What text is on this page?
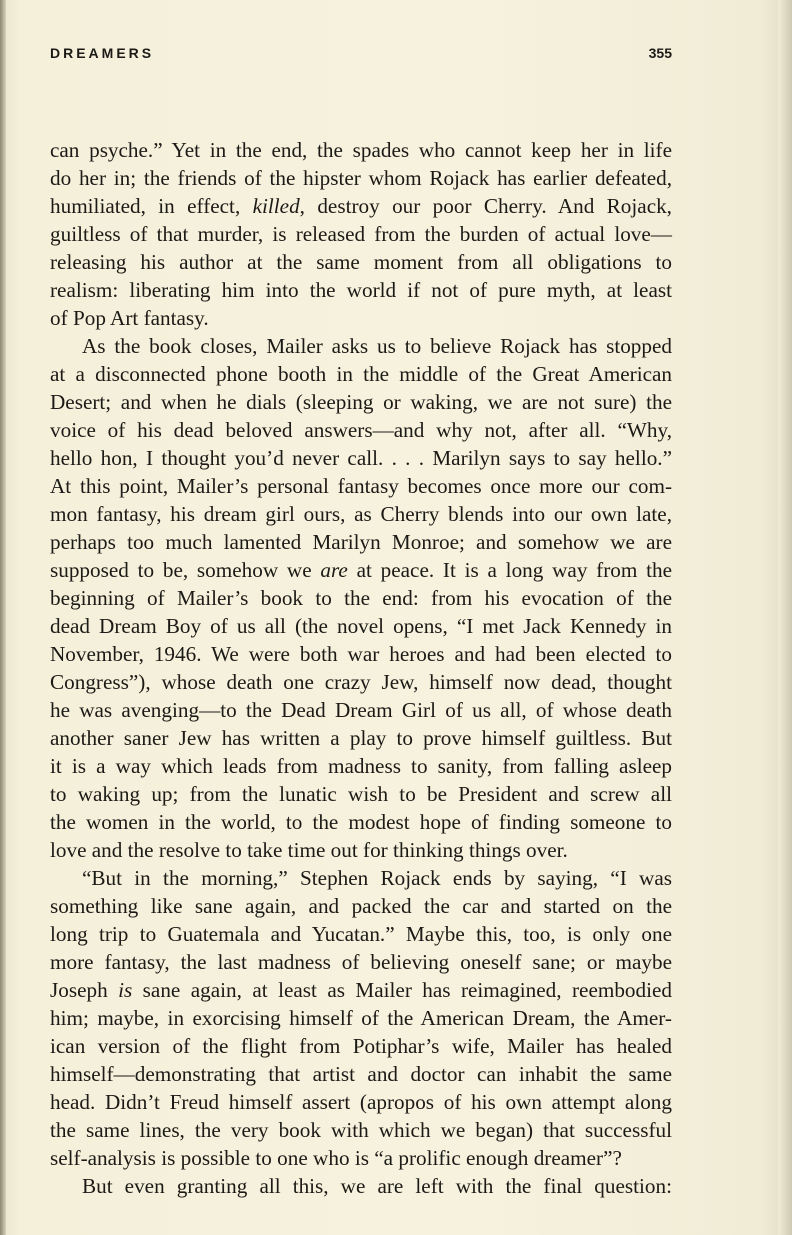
DREAMERS	355
can psyche.” Yet in the end, the spades who cannot keep her in life
do her in; the friends of the hipster whom Rojack has earlier defeated,
humiliated, in effect, killed, destroy our poor Cherry. And Rojack,
guiltless of that murder, is released from the burden of actual love—
releasing his author at the same moment from all obligations to
realism: liberating him into the world if not of pure myth, at least
of Pop Art fantasy.
As the book closes, Mailer asks us to believe Rojack has stopped
at a disconnected phone booth in the middle of the Great American
Desert; and when he dials (sleeping or waking, we are not sure) the
voice of his dead beloved answers—and why not, after all. “Why,
hello hon, I thought you’d never call. . . . Marilyn says to say hello.”
At this point, Mailer’s personal fantasy becomes once more our com-
mon fantasy, his dream girl ours, as Cherry blends into our own late,
perhaps too much lamented Marilyn Monroe; and somehow we are
supposed to be, somehow we are at peace. It is a long way from the
beginning of Mailer’s book to the end: from his evocation of the
dead Dream Boy of us all (the novel opens, “I met Jack Kennedy in
November, 1946. We were both war heroes and had been elected to
Congress”), whose death one crazy Jew, himself now dead, thought
he was avenging—to the Dead Dream Girl of us all, of whose death
another saner Jew has written a play to prove himself guiltless. But
it is a way which leads from madness to sanity, from falling asleep
to waking up; from the lunatic wish to be President and screw all
the women in the world, to the modest hope of finding someone to
love and the resolve to take time out for thinking things over.
“But in the morning,” Stephen Rojack ends by saying, “I was
something like sane again, and packed the car and started on the
long trip to Guatemala and Yucatan.” Maybe this, too, is only one
more fantasy, the last madness of believing oneself sane; or maybe
Joseph is sane again, at least as Mailer has reimagined, reembodied
him; maybe, in exorcising himself of the American Dream, the Amer-
ican version of the flight from Potiphar’s wife, Mailer has healed
himself—demonstrating that artist and doctor can inhabit the same
head. Didn’t Freud himself assert (apropos of his own attempt along
the same lines, the very book with which we began) that successful
self-analysis is possible to one who is “a prolific enough dreamer”?
But even granting all this, we are left with the final question:
